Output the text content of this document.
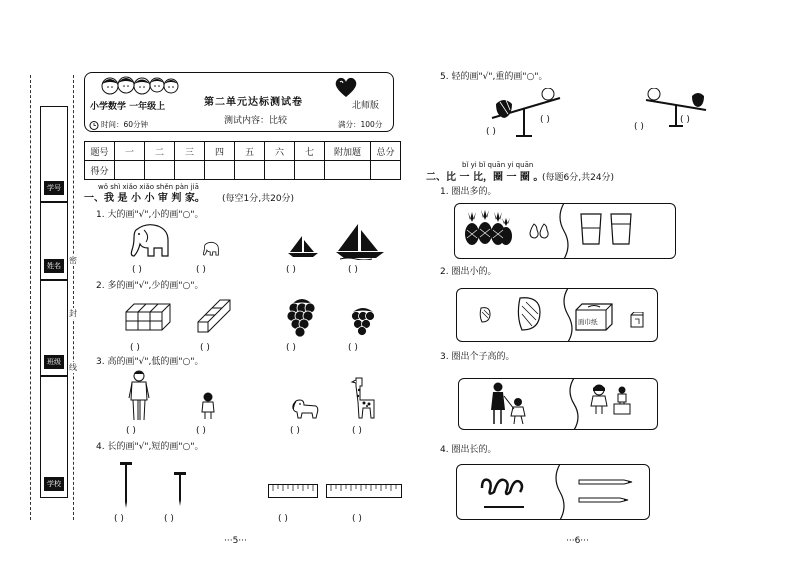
学号
姓名
班级
学校
密
封
线
第二单元达标测试卷
小学数学 一年级上	北师版
时间：60分钟	测试内容：比较	满分：100分
题号	一	二	三	四	五	六	七	附加题	总分
得分									
wǒ shì xiǎo xiǎo shěn pàn jiā
一、我 是 小 小 审 判 家。 (每空1分,共20分)
1. 大的画"√",小的画"○"。
( )	( )	( )	( )
2. 多的画"√",少的画"○"。
( )	( )	( )	( )
3. 高的画"√",低的画"○"。
( )	( )	( )	( )
4. 长的画"√",短的画"○"。
( )	( )	( )	( )
5. 轻的画"√",重的画"○"。
( )
( )
( )
( )
bǐ yi bǐ quān yi quān
二、比 一 比，圈 一 圈 。
(每题6分,共24分)
1. 圈出多的。
2. 圈出小的。
面巾纸
3. 圈出个子高的。
4. 圈出长的。
···5···	···6···
